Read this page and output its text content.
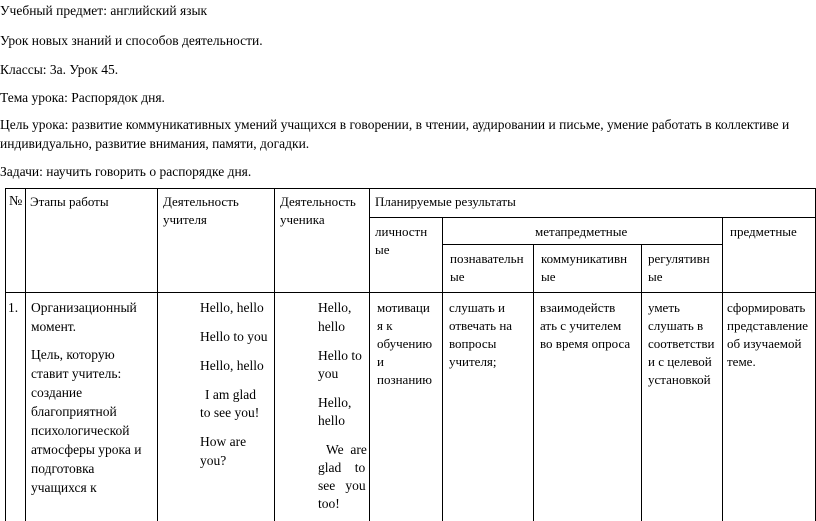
Учебный предмет: английский язык
Урок новых знаний и способов деятельности.
Классы: 3а. Урок 45.
Тема урока: Распорядок дня.
Цель урока: развитие коммуникативных умений учащихся в говорении, в чтении, аудировании и письме, умение работать в коллективе и
индивидуально, развитие внимания, памяти, догадки.
Задачи: научить говорить о распорядке дня.
№ Этапы работы	Деятельность
учителя
Деятельность
ученика
Планируемые результаты
личностн
ые
метапредметные	предметные
познавательн
ые
коммуникативн
ые
регулятивн
ые
1. Организационный
момент.
Цель, которую
ставит учитель:
создание
благоприятной
психологической
атмосферы урока и
подготовка
учащихся к
Hello, hello
Hello to you
Hello, hello
I am glad
to see you!
How are
you?
Hello,
hello
Hello to
you
Hello,
hello
We  are
glad    to
see   you
too!
мотиваци
я к
обучению
и
познанию
слушать и
отвечать на
вопросы
учителя;
взаимодейств
ать с учителем
во время опроса
уметь
слушать в
соответстви
и с целевой
установкой
сформировать
представление
об изучаемой
теме.
